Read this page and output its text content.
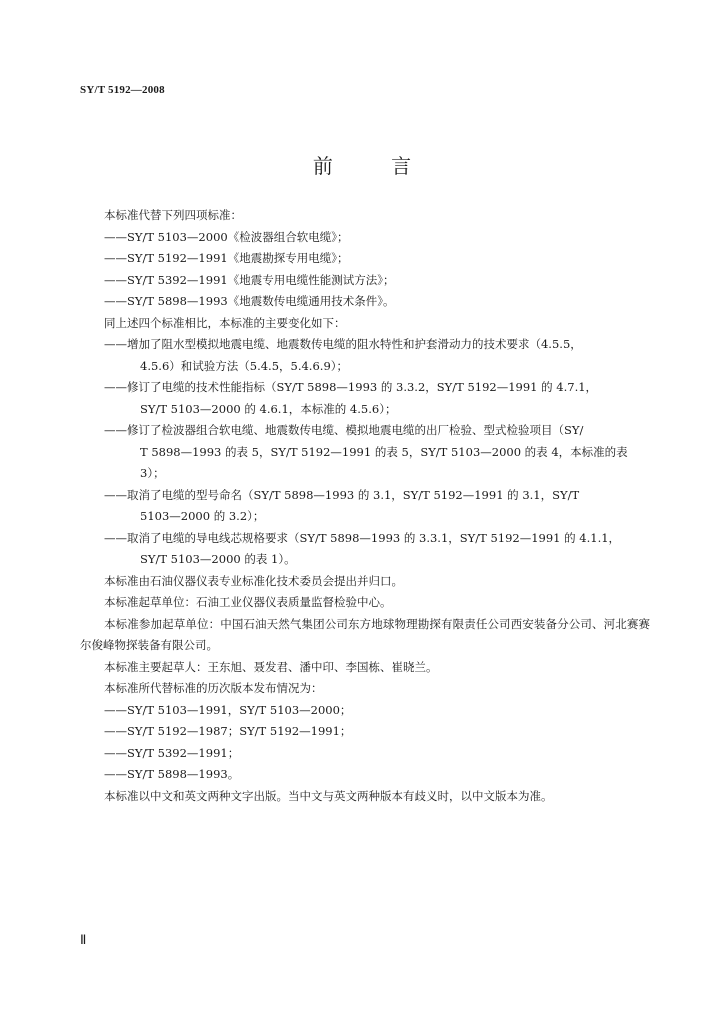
SY/T 5192—2008
前 言

本标准代替下列四项标准：

——SY/T 5103—2000《检波器组合软电缆》；

——SY/T 5192—1991《地震勘探专用电缆》；

——SY/T 5392—1991《地震专用电缆性能测试方法》；

——SY/T 5898—1993《地震数传电缆通用技术条件》。

同上述四个标准相比，本标准的主要变化如下：

——增加了阻水型模拟地震电缆、地震数传电缆的阻水特性和护套滑动力的技术要求（4.5.5，

4.5.6）和试验方法（5.4.5，5.4.6.9）；

——修订了电缆的技术性能指标（SY/T 5898—1993 的 3.3.2，SY/T 5192—1991 的 4.7.1，

SY/T 5103—2000 的 4.6.1，本标准的 4.5.6）；

——修订了检波器组合软电缆、地震数传电缆、模拟地震电缆的出厂检验、型式检验项目（SY/

T 5898—1993 的表 5，SY/T 5192—1991 的表 5，SY/T 5103—2000 的表 4，本标准的表 3）；

——取消了电缆的型号命名（SY/T 5898—1993 的 3.1，SY/T 5192—1991 的 3.1，SY/T

5103—2000 的 3.2）；

——取消了电缆的导电线芯规格要求（SY/T 5898—1993 的 3.3.1，SY/T 5192—1991 的 4.1.1，

SY/T 5103—2000 的表 1）。

本标准由石油仪器仪表专业标准化技术委员会提出并归口。

本标准起草单位：石油工业仪器仪表质量监督检验中心。

本标准参加起草单位：中国石油天然气集团公司东方地球物理勘探有限责任公司西安装备分公司、河北赛赛尔俊峰物探装备有限公司。

本标准主要起草人：王东旭、聂发君、潘中印、李国栋、崔晓兰。

本标准所代替标准的历次版本发布情况为：

——SY/T 5103—1991，SY/T 5103—2000；

——SY/T 5192—1987；SY/T 5192—1991；

——SY/T 5392—1991；

——SY/T 5898—1993。

本标准以中文和英文两种文字出版。当中文与英文两种版本有歧义时，以中文版本为准。

Ⅱ
